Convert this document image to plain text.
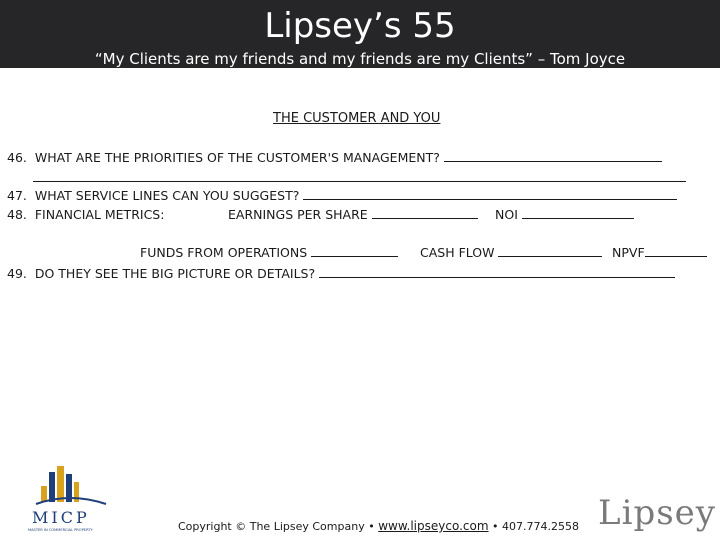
Lipsey’s 55
“My Clients are my friends and my friends are my Clients” – Tom Joyce
THE CUSTOMER AND YOU
46. WHAT ARE THE PRIORITIES OF THE CUSTOMER'S MANAGEMENT?
47. WHAT SERVICE LINES CAN YOU SUGGEST?
48. FINANCIAL METRICS:	EARNINGS PER SHARE	NOI
FUNDS FROM OPERATIONS	CASH FLOW	NPVF
49. DO THEY SEE THE BIG PICTURE OR DETAILS?
MICP
MASTER IN COMMERCIAL PROPERTY	Copyright © The Lipsey Company • www.lipseyco.com • 407.774.2558 Lipsey
